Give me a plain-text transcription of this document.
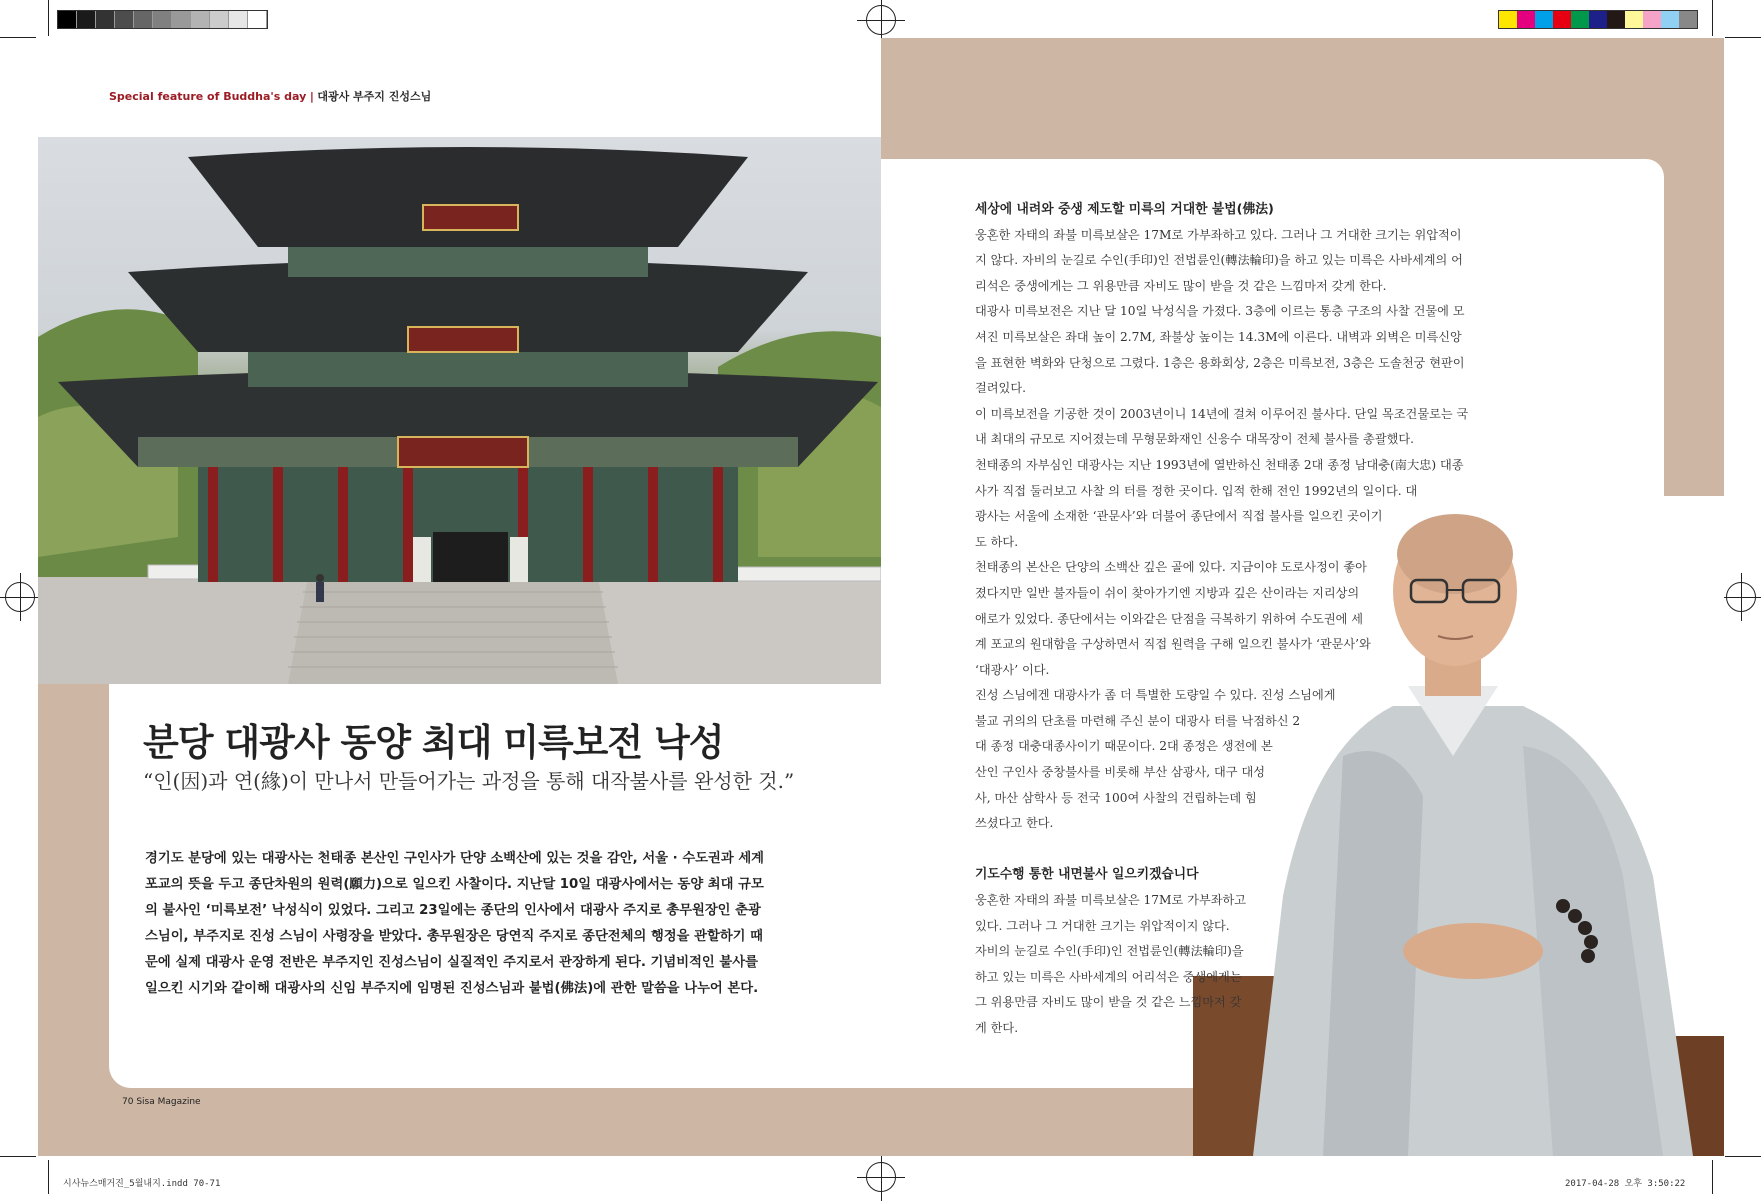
Special feature of Buddha's day | 대광사 부주지 진성스님
분당 대광사 동양 최대 미륵보전 낙성
“인(因)과 연(緣)이 만나서 만들어가는 과정을 통해 대작불사를 완성한 것.”

경기도 분당에 있는 대광사는 천태종 본산인 구인사가 단양 소백산에 있는 것을 감안, 서울 · 수도권과 세계

포교의 뜻을 두고 종단차원의 원력(願力)으로 일으킨 사찰이다. 지난달 10일 대광사에서는 동양 최대 규모

의 불사인 ‘미륵보전’ 낙성식이 있었다. 그리고 23일에는 종단의 인사에서 대광사 주지로 총무원장인 춘광

스님이, 부주지로 진성 스님이 사령장을 받았다. 총무원장은 당연직 주지로 종단전체의 행정을 관할하기 때

문에 실제 대광사 운영 전반은 부주지인 진성스님이 실질적인 주지로서 관장하게 된다. 기념비적인 불사를

일으킨 시기와 같이해 대광사의 신임 부주지에 임명된 진성스님과 불법(佛法)에 관한 말씀을 나누어 본다.

세상에 내려와 중생 제도할 미륵의 거대한 불법(佛法)

웅혼한 자태의 좌불 미륵보살은 17M로 가부좌하고 있다. 그러나 그 거대한 크기는 위압적이

지 않다. 자비의 눈길로 수인(手印)인 전법륜인(轉法輪印)을 하고 있는 미륵은 사바세계의 어

리석은 중생에게는 그 위용만큼 자비도 많이 받을 것 같은 느낌마저 갖게 한다.

대광사 미륵보전은 지난 달 10일 낙성식을 가졌다. 3층에 이르는 통층 구조의 사찰 건물에 모

셔진 미륵보살은 좌대 높이 2.7M, 좌불상 높이는 14.3M에 이른다. 내벽과 외벽은 미륵신앙

을 표현한 벽화와 단청으로 그렸다. 1층은 용화회상, 2층은 미륵보전, 3층은 도솔천궁 현판이

걸려있다.

이 미륵보전을 기공한 것이 2003년이니 14년에 걸쳐 이루어진 불사다. 단일 목조건물로는 국

내 최대의 규모로 지어졌는데 무형문화재인 신응수 대목장이 전체 불사를 총괄했다.

천태종의 자부심인 대광사는 지난 1993년에 열반하신 천태종 2대 종정 남대충(南大忠) 대종

사가 직접 둘러보고 사찰 의 터를 정한 곳이다. 입적 한해 전인 1992년의 일이다. 대

광사는 서울에 소재한 ‘관문사’와 더불어 종단에서 직접 불사를 일으킨 곳이기

도 하다.

천태종의 본산은 단양의 소백산 깊은 골에 있다. 지금이야 도로사정이 좋아

졌다지만 일반 불자들이 쉬이 찾아가기엔 지방과 깊은 산이라는 지리상의

애로가 있었다. 종단에서는 이와같은 단점을 극복하기 위하여 수도권에 세

계 포교의 원대함을 구상하면서 직접 원력을 구해 일으킨 불사가 ‘관문사’와

‘대광사’ 이다.

진성 스님에겐 대광사가 좀 더 특별한 도량일 수 있다. 진성 스님에게

불교 귀의의 단초를 마련해 주신 분이 대광사 터를 낙점하신 2

대 종정 대충대종사이기 때문이다. 2대 종정은 생전에 본

산인 구인사 중창불사를 비롯해 부산 삼광사, 대구 대성

사, 마산 삼학사 등 전국 100여 사찰의 건립하는데 힘

쓰셨다고 한다.

기도수행 통한 내면불사 일으키겠습니다

웅혼한 자태의 좌불 미륵보살은 17M로 가부좌하고

있다. 그러나 그 거대한 크기는 위압적이지 않다.

자비의 눈길로 수인(手印)인 전법륜인(轉法輪印)을

하고 있는 미륵은 사바세계의 어리석은 중생에게는

그 위용만큼 자비도 많이 받을 것 같은 느낌마저 갖

게 한다.

70 Sisa Magazine
시사뉴스매거진_5월내지.indd 70-71	2017-04-28 오후 3:50:22
